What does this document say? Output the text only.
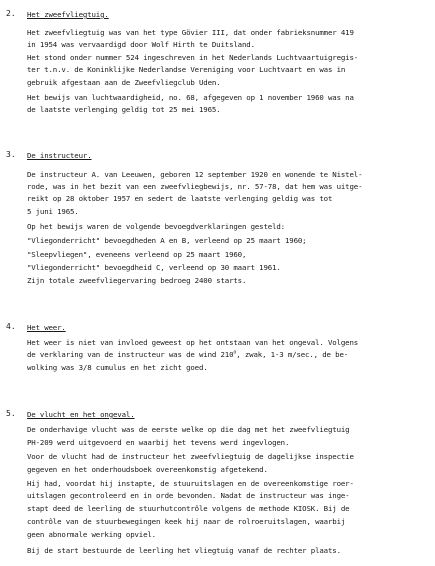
2. Het zweefvliegtuig.
Het zweefvliegtuig was van het type Gövier III, dat onder fabrieksnummer 419
in 1954 was vervaardigd door Wolf Hirth te Duitsland.
Het stond onder nummer 524 ingeschreven in het Nederlands Luchtvaartuigregis-
ter t.n.v. de Koninklijke Nederlandse Vereniging voor Luchtvaart en was in
gebruik afgestaan aan de Zweefvliegclub Uden.
Het bewijs van luchtwaardigheid, no. 68, afgegeven op 1 november 1960 was na
de laatste verlenging geldig tot 25 mei 1965.
3. De instructeur.
De instructeur A. van Leeuwen, geboren 12 september 1920 en wonende te Nistel-
rode, was in het bezit van een zweefvliegbewijs, nr. 57-78, dat hem was uitge-
reikt op 28 oktober 1957 en sedert de laatste verlenging geldig was tot
5 juni 1965.
Op het bewijs waren de volgende bevoegdverklaringen gesteld:
"Vliegonderricht" bevoegdheden A en B, verleend op 25 maart 1960;
"Sleepvliegen", eveneens verleend op 25 maart 1960,
"Vliegonderricht" bevoegdheid C, verleend op 30 maart 1961.
Zijn totale zweefvliegervaring bedroeg 2400 starts.
4. Het weer.
Het weer is niet van invloed geweest op het ontstaan van het ongeval. Volgens
de verklaring van de instructeur was de wind 210$^o$, zwak, 1-3 m/sec., de be-
wolking was 3/8 cumulus en het zicht goed.
5. De vlucht en het ongeval.
De onderhavige vlucht was de eerste welke op die dag met het zweefvliegtuig
PH-209 werd uitgevoerd en waarbij het tevens werd ingevlogen.
Voor de vlucht had de instructeur het zweefvliegtuig de dagelijkse inspectie
gegeven en het onderhoudsboek overeenkomstig afgetekend.
Hij had, voordat hij instapte, de stuuruitslagen en de overeenkomstige roer-
uitslagen gecontroleerd en in orde bevonden. Nadat de instructeur was inge-
stapt deed de leerling de stuurhutcontrôle volgens de methode KIOSK. Bij de
contrôle van de stuurbewegingen keek hij naar de rolroeruitslagen, waarbij
geen abnormale werking opviel.
Bij de start bestuurde de leerling het vliegtuig vanaf de rechter plaats.
